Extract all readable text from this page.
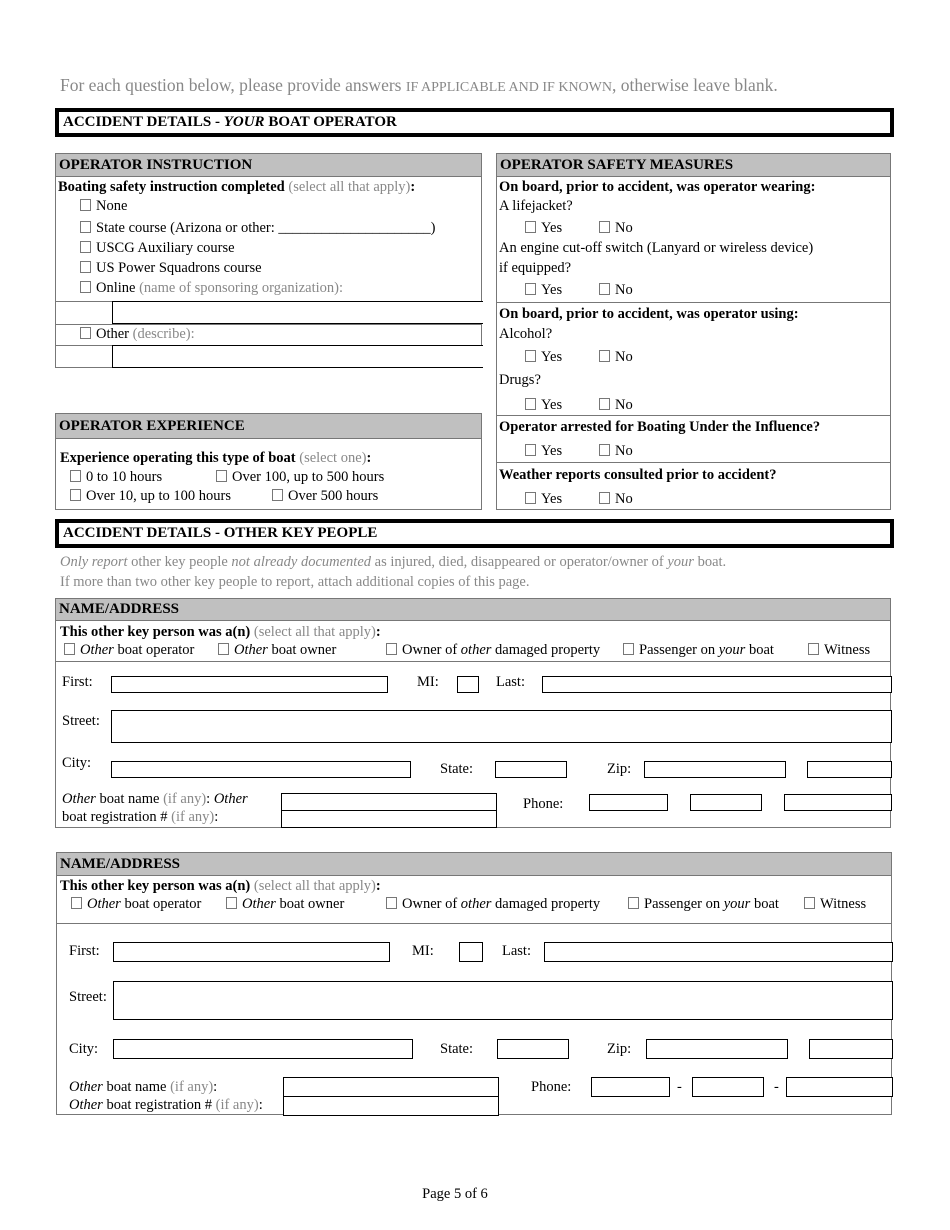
For each question below, please provide answers IF APPLICABLE AND IF KNOWN, otherwise leave blank.
ACCIDENT DETAILS -
YOUR
BOAT OPERATOR
OPERATOR INSTRUCTION
Boating safety instruction completed (select all that apply):
None
State course (Arizona or other: _____________________)
USCG Auxiliary course
US Power Squadrons course
Online (name of sponsoring organization):
Other (describe):
OPERATOR EXPERIENCE
Experience operating this type of boat (select one):
0 to 10 hours	Over 100, up to 500 hours
Over 10, up to 100 hours	Over 500 hours
OPERATOR SAFETY MEASURES
On board, prior to accident, was operator wearing:
A lifejacket?
Yes	No
An engine cut-off switch (Lanyard or wireless device)
if equipped?
Yes	No
On board, prior to accident, was operator using:
Alcohol?
Yes	No
Drugs?
Yes	No
Operator arrested for Boating Under the Influence?
Yes	No
Weather reports consulted prior to accident?
Yes	No
ACCIDENT DETAILS - OTHER KEY PEOPLE
Only report other key people not already documented as injured, died, disappeared or operator/owner of your boat.
If more than two other key people to report, attach additional copies of this page.
NAME/ADDRESS
This other key person was a(n) (select all that apply):
Other boat operator	Other boat owner	Owner of other damaged property	Passenger on your boat	Witness
First:	MI:	Last:
Street:
City:	State:	Zip:
Other boat name (if any): Other
boat registration # (if any):
Phone:
NAME/ADDRESS
This other key person was a(n) (select all that apply):
Other boat operator	Other boat owner	Owner of other damaged property	Passenger on your boat	Witness
First:	MI:	Last:
Street:
City:	State:	Zip:
Other boat name (if any):
Other boat registration # (if any):
Phone:	-	-
Page 5 of 6
